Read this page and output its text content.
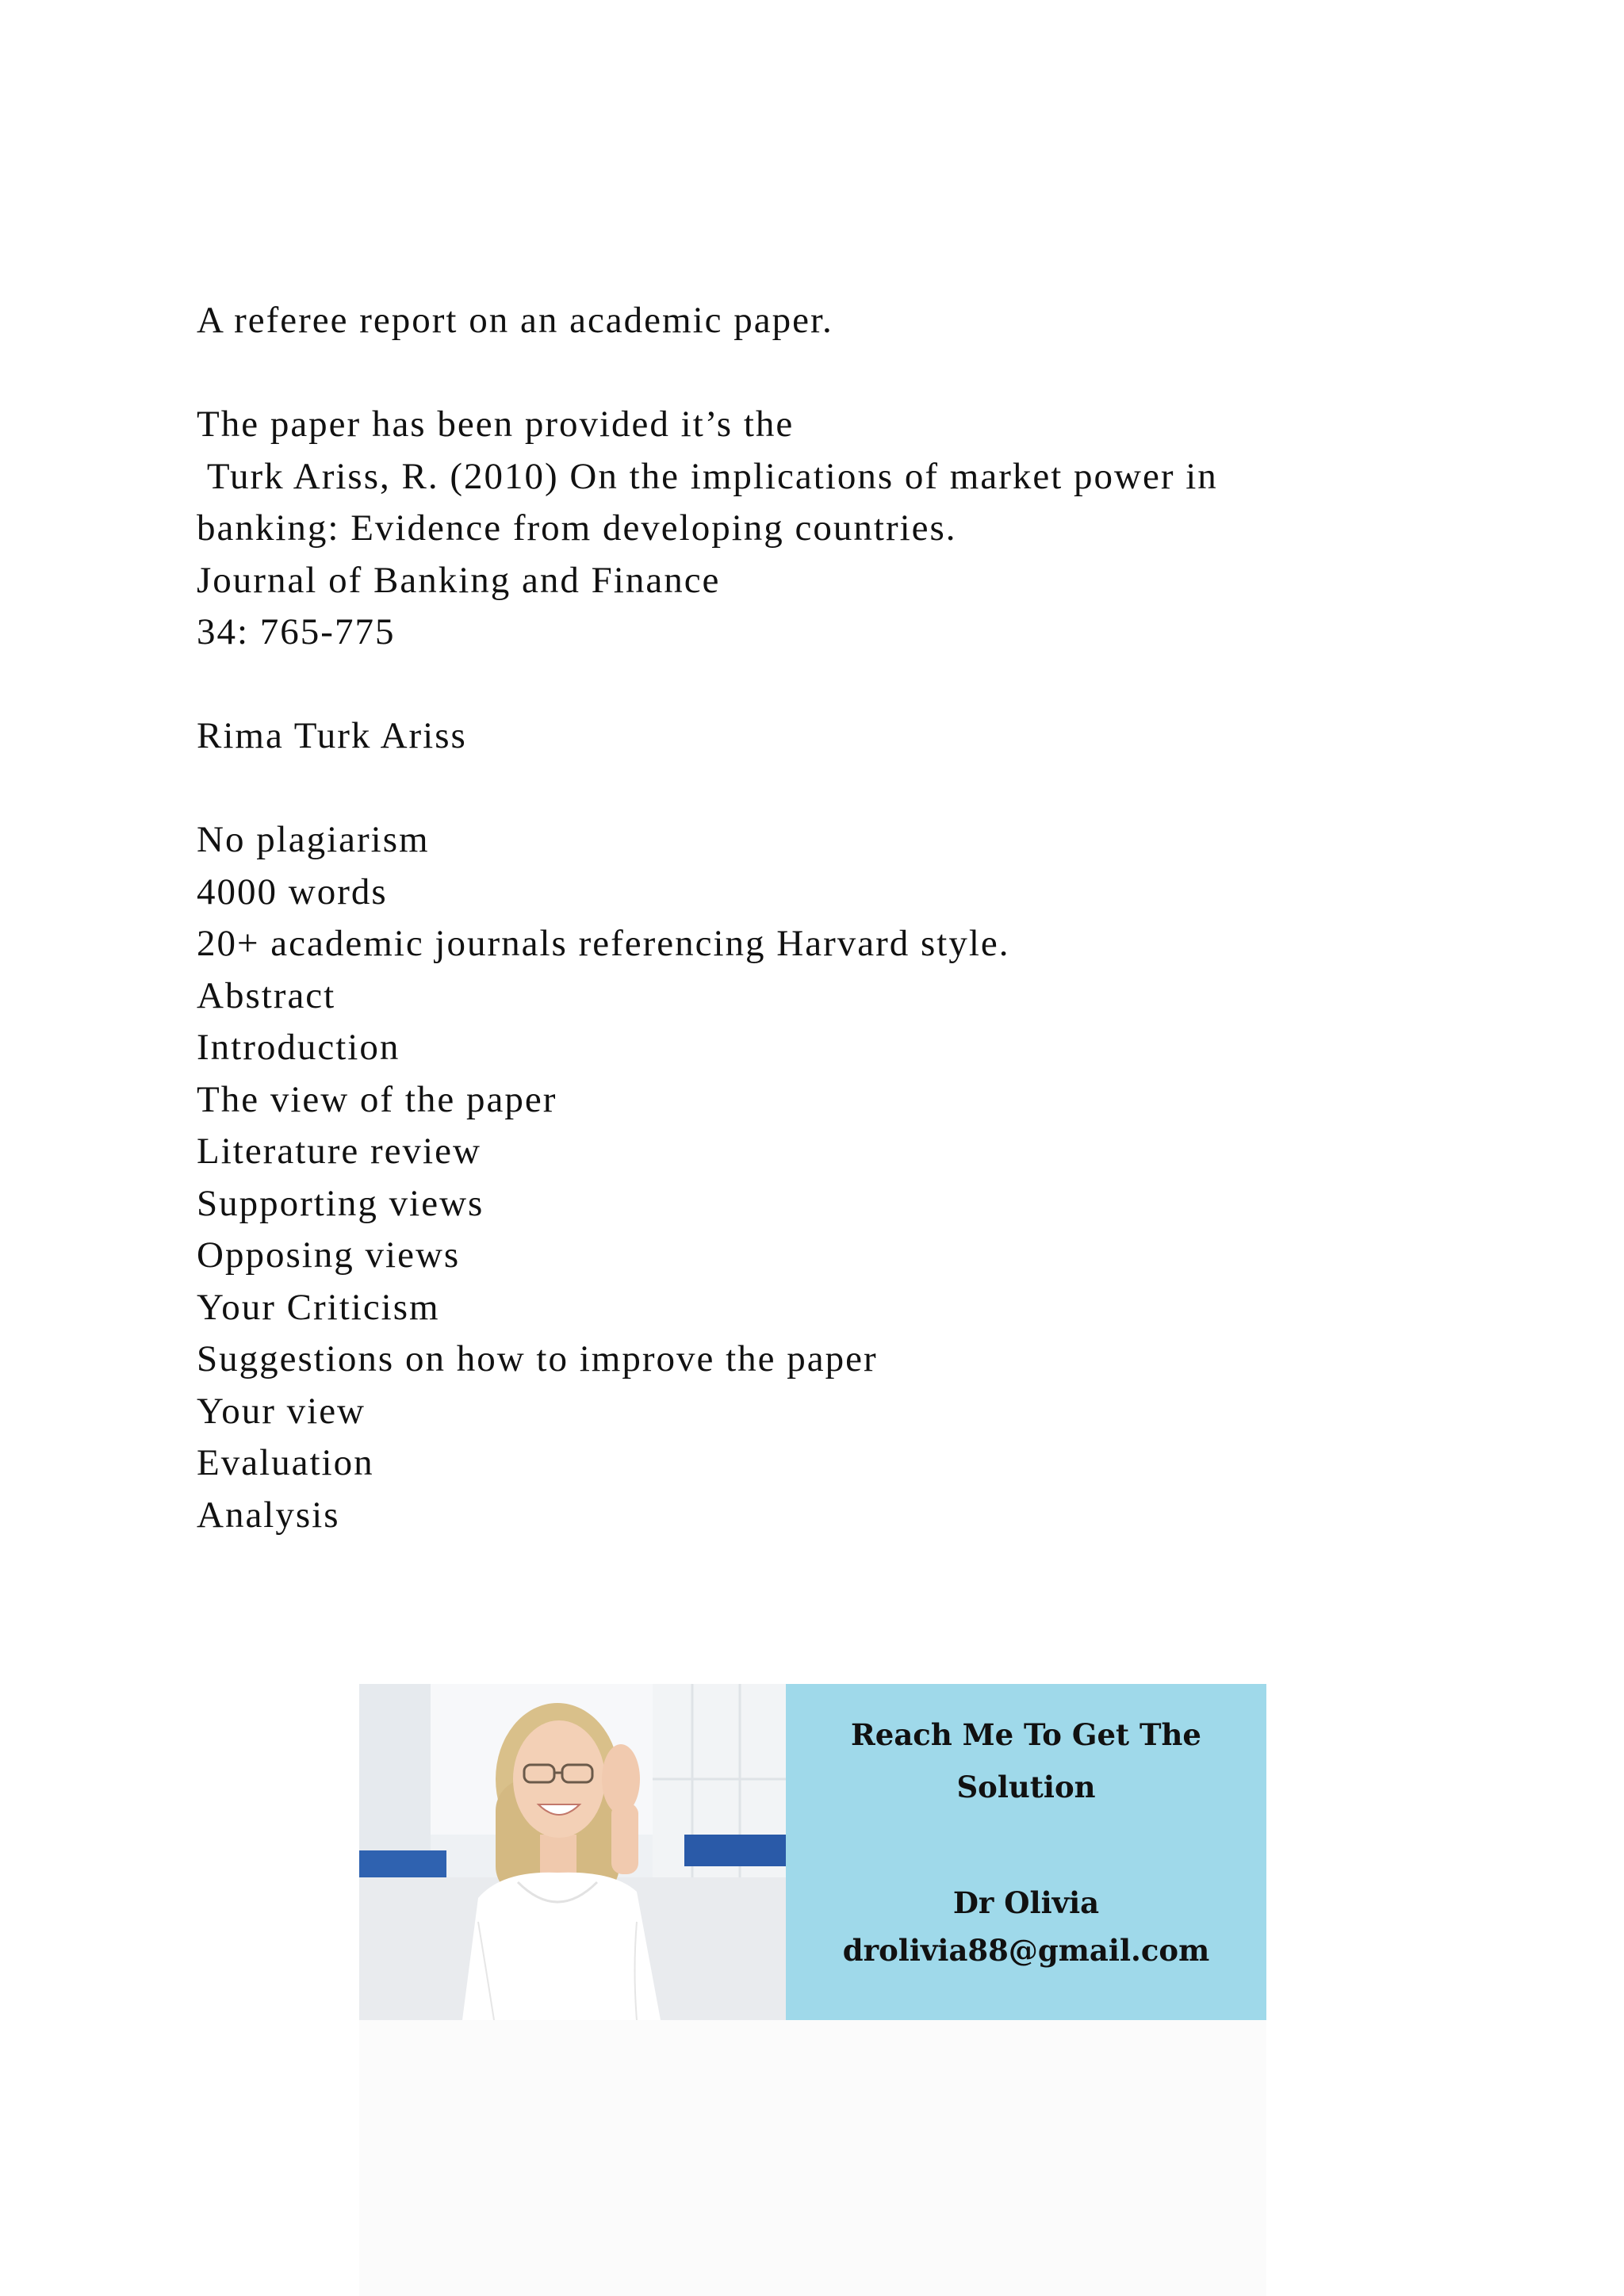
A referee report on an academic paper.
The paper has been provided it’s the
Turk Ariss, R. (2010) On the implications of market power in
banking: Evidence from developing countries.
Journal of Banking and Finance
34: 765-775
Rima Turk Ariss
No plagiarism
4000 words
20+ academic journals referencing Harvard style.
Abstract
Introduction
The view of the paper
Literature review
Supporting views
Opposing views
Your Criticism
Suggestions on how to improve the paper
Your view
Evaluation
Analysis
Reach Me To Get The
Solution
Dr Olivia
drolivia88@gmail.com
